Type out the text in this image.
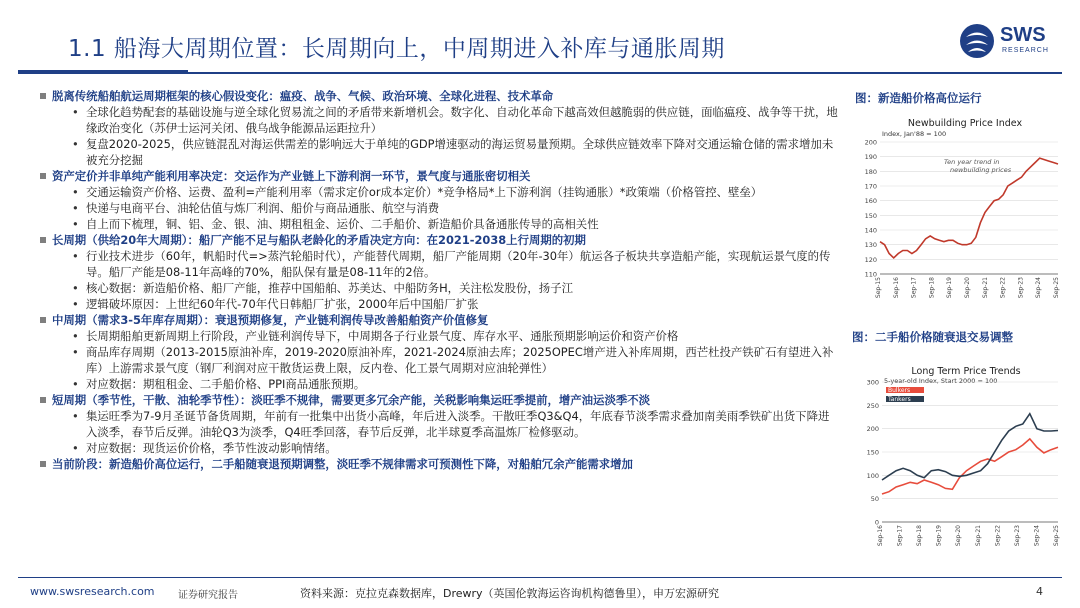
1.1 船海大周期位置：长周期向上，中周期进入补库与通胀周期
SWS
RESEARCH
脱离传统船舶航运周期框架的核心假设变化：瘟疫、战争、气候、政治环境、全球化进程、技术革命
• 全球化趋势配套的基础设施与逆全球化贸易流之间的矛盾带来新增机会。数字化、自动化革命下越高效但越脆弱的供应链，面临瘟疫、战争等干扰，地缘政治变化（苏伊士运河关闭、俄乌战争能源品运距拉升）
• 复盘2020-2025，供应链混乱对海运供需差的影响远大于单纯的GDP增速驱动的海运贸易量预期。全球供应链效率下降对交通运输仓储的需求增加未被充分挖掘
资产定价并非单纯产能利用率决定：交运作为产业链上下游利润一环节，景气度与通胀密切相关
• 交通运输资产价格、运费、盈利=产能利用率（需求定价or成本定价）*竞争格局*上下游利润（挂钩通胀）*政策端（价格管控、壁垒）
• 快递与电商平台、油轮估值与炼厂利润、船价与商品通胀、航空与消费
• 自上而下梳理，铜、铝、金、银、油、期租租金、运价、二手船价、新造船价具备通胀传导的高相关性
长周期（供给20年大周期）：船厂产能不足与船队老龄化的矛盾决定方向：在2021-2038上行周期的初期
• 行业技术进步（60年，帆船时代=>蒸汽轮船时代），产能替代周期，船厂产能周期（20年-30年）航运各子板块共享造船产能，实现航运景气度的传导。船厂产能是08-11年高峰的70%，船队保有量是08-11年的2倍。
• 核心数据：新造船价格、船厂产能，推荐中国船舶、苏美达、中船防务H，关注松发股份，扬子江
• 逻辑破坏原因：上世纪60年代-70年代日韩船厂扩张，2000年后中国船厂扩张
中周期（需求3-5年库存周期）：衰退预期修复，产业链利润传导改善船舶资产价值修复
• 长周期船舶更新周期上行阶段，产业链利润传导下，中周期各子行业景气度、库存水平、通胀预期影响运价和资产价格
• 商品库存周期（2013-2015原油补库，2019-2020原油补库，2021-2024原油去库；2025OPEC增产进入补库周期，西芒杜投产铁矿石有望进入补库）上游需求景气度（钢厂利润对应干散货运费上限，反内卷、化工景气周期对应油轮弹性）
• 对应数据：期租租金、二手船价格、PPI商品通胀预期。
短周期（季节性，干散、油轮季节性）：淡旺季不规律，需要更多冗余产能，关税影响集运旺季提前，增产油运淡季不淡
• 集运旺季为7-9月圣诞节备货周期，年前有一批集中出货小高峰，年后进入淡季。干散旺季Q3&Q4，年底春节淡季需求叠加南美雨季铁矿出货下降进入淡季，春节后反弹。油轮Q3为淡季，Q4旺季回落，春节后反弹，北半球夏季高温炼厂检修驱动。
• 对应数据：现货运价价格，季节性波动影响情绪。
当前阶段：新造船价高位运行，二手船随衰退预期调整，淡旺季不规律需求可预测性下降，对船舶冗余产能需求增加
图：新造船价格高位运行
Newbuilding Price Index
Index, Jan'88 = 100
110
120
130
140
150
160
170
180
190
200
Sep-15 Sep-16 Sep-17 Sep-18 Sep-19 Sep-20 Sep-21 Sep-22 Sep-23 Sep-24 Sep-25
Ten year trend in
newbuilding prices
图：二手船价格随衰退交易调整
Long Term Price Trends
5-year-old Index, Start 2000 = 100
0
50
100
150
200
250
300
Sep-16 Sep-17 Sep-18 Sep-19 Sep-20 Sep-21 Sep-22 Sep-23 Sep-24 Sep-25
Bulkers
Tankers
www.swsresearch.com 证券研究报告	资料来源：克拉克森数据库，Drewry（英国伦敦海运咨询机构德鲁里），申万宏源研究	4
